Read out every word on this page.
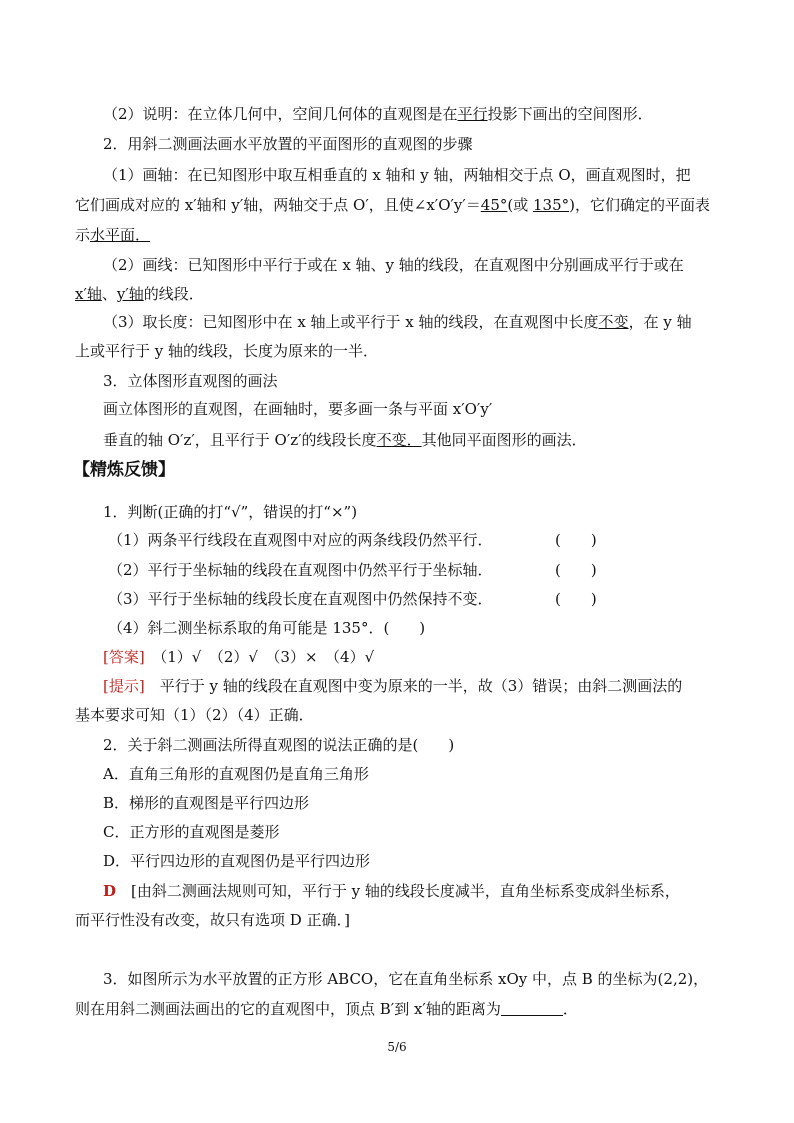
（2）说明：在立体几何中，空间几何体的直观图是在平行投影下画出的空间图形．
2．用斜二测画法画水平放置的平面图形的直观图的步骤
（1）画轴：在已知图形中取互相垂直的 x 轴和 y 轴，两轴相交于点 O，画直观图时，把
它们画成对应的 x′轴和 y′轴，两轴交于点 O′，且使∠x′O′y′＝45°(或 135°)，它们确定的平面表
示水平面．
（2）画线：已知图形中平行于或在 x 轴、y 轴的线段，在直观图中分别画成平行于或在
x′轴、y′轴的线段．
（3）取长度：已知图形中在 x 轴上或平行于 x 轴的线段，在直观图中长度不变，在 y 轴
上或平行于 y 轴的线段，长度为原来的一半．
3．立体图形直观图的画法
画立体图形的直观图，在画轴时，要多画一条与平面 x′O′y′
垂直的轴 O′z′，且平行于 O′z′的线段长度不变．其他同平面图形的画法．
【精炼反馈】
1．判断(正确的打“√”，错误的打“×”)
（1）两条平行线段在直观图中对应的两条线段仍然平行．	(　　)
（2）平行于坐标轴的线段在直观图中仍然平行于坐标轴．	(　　)
（3）平行于坐标轴的线段长度在直观图中仍然保持不变．	(　　)
（4）斜二测坐标系取的角可能是 135°．(　　)
[答案]　（1）√　（2）√　（3）×　（4）√
[提示]　平行于 y 轴的线段在直观图中变为原来的一半，故（3）错误；由斜二测画法的
基本要求可知（1）（2）（4）正确．
2．关于斜二测画法所得直观图的说法正确的是(　　)
A．直角三角形的直观图仍是直角三角形
B．梯形的直观图是平行四边形
C．正方形的直观图是菱形
D．平行四边形的直观图仍是平行四边形
D　[由斜二测画法规则可知，平行于 y 轴的线段长度减半，直角坐标系变成斜坐标系，
而平行性没有改变，故只有选项 D 正确．]
3．如图所示为水平放置的正方形 ABCO，它在直角坐标系 xOy 中，点 B 的坐标为(2,2)，
则在用斜二测画法画出的它的直观图中，顶点 B′到 x′轴的距离为	．
5/6
